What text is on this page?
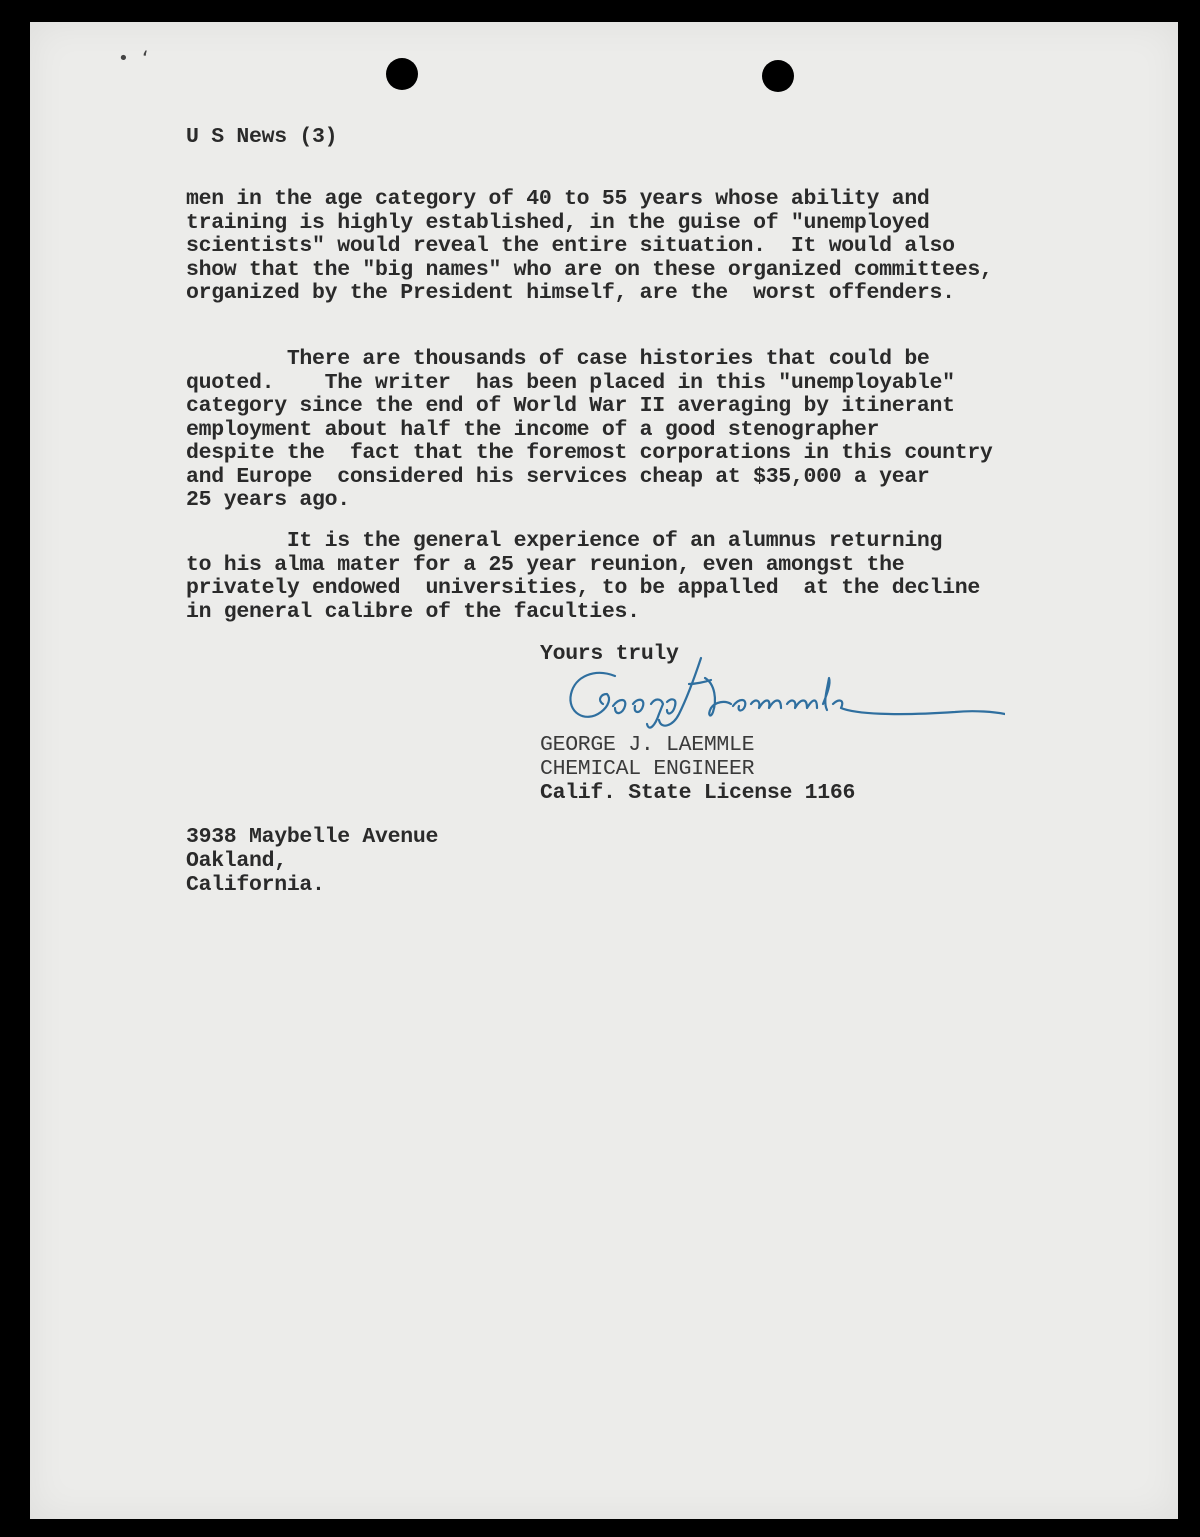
• ‘

U S News (3)

men in the age category of 40 to 55 years whose ability and
training is highly established, in the guise of "unemployed
scientists" would reveal the entire situation.  It would also
show that the "big names" who are on these organized committees,
organized by the President himself, are the  worst offenders.

There are thousands of case histories that could be
quoted.    The writer  has been placed in this "unemployable"
category since the end of World War II averaging by itinerant
employment about half the income of a good stenographer
despite the  fact that the foremost corporations in this country
and Europe  considered his services cheap at $35,000 a year
25 years ago.

It is the general experience of an alumnus returning
to his alma mater for a 25 year reunion, even amongst the
privately endowed  universities, to be appalled  at the decline
in general calibre of the faculties.

Yours truly

GEORGE J. LAEMMLE
CHEMICAL ENGINEER
Calif. State License 1166
3938 Maybelle Avenue
Oakland,
California.
